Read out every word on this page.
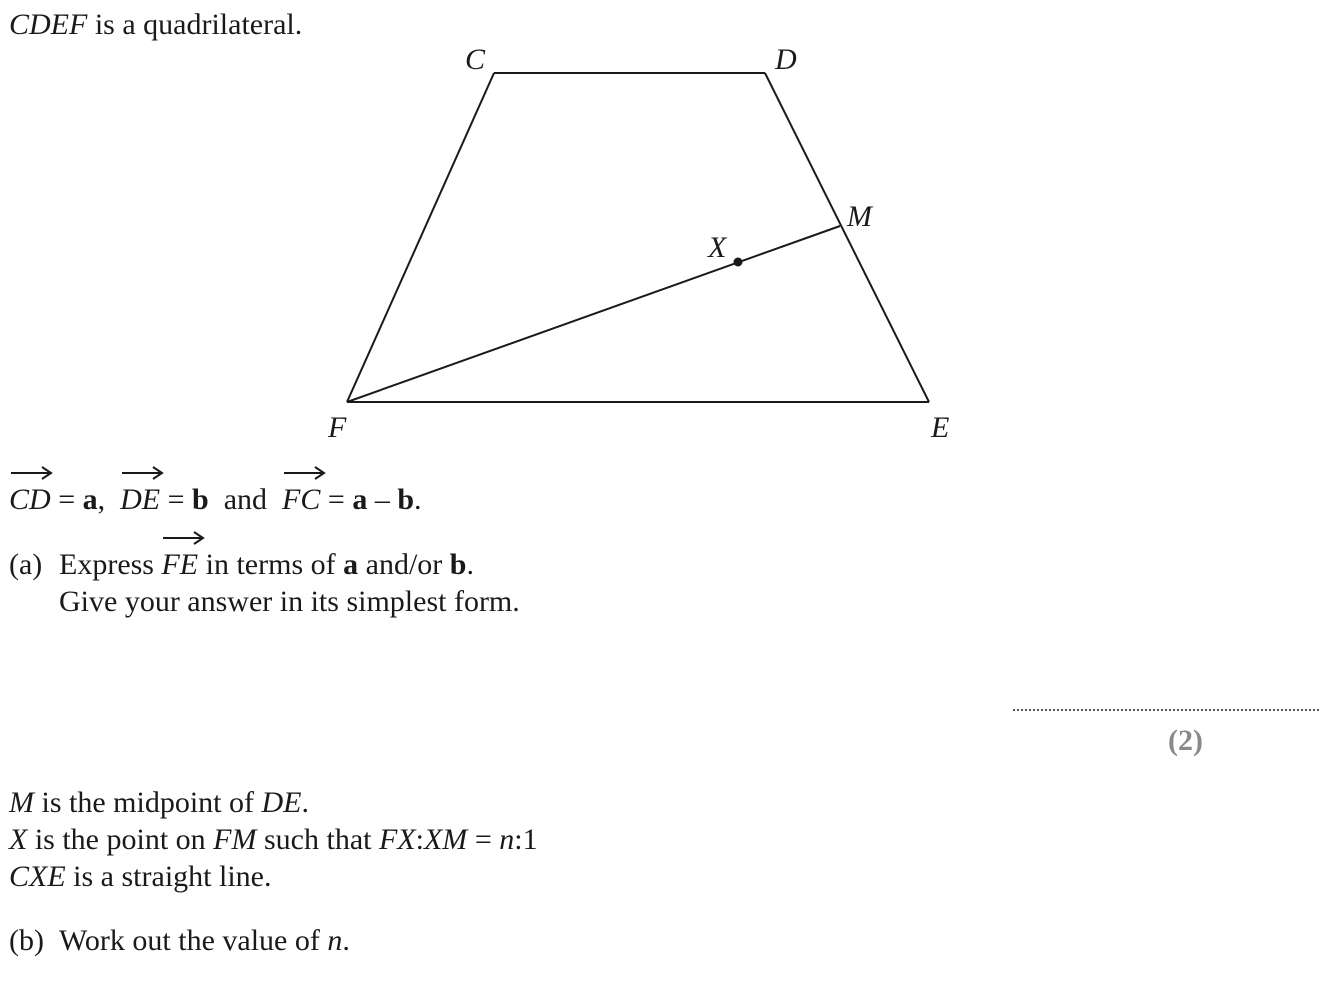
CDEF is a quadrilateral.
C	D
M
X
F	E
CD = a, DE = b and FC = a – b.
(a) Express
FE in terms of a and/or b.
Give your answer in its simplest form.
(2)
M is the midpoint of DE.
X is the point on FM such that FX:XM = n:1
CXE is a straight line.
(b) Work out the value of n.
